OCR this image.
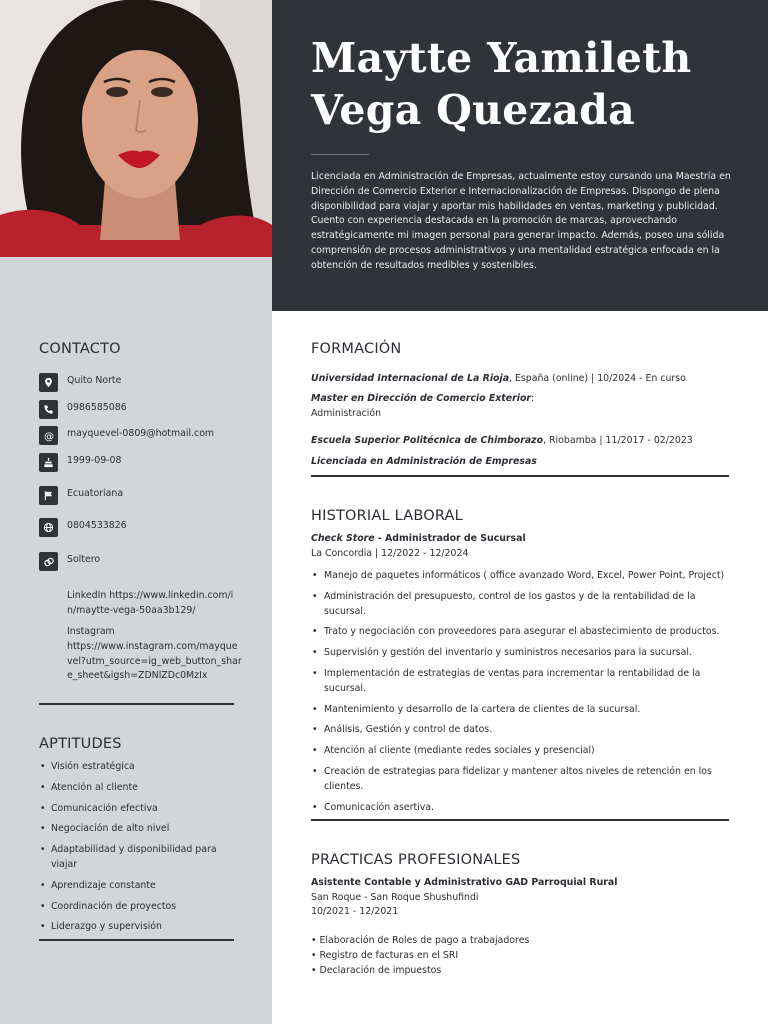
Maytte Yamileth
Vega Quezada

Licenciada en Administración de Empresas, actualmente estoy cursando una Maestría en Dirección de Comercio Exterior e Internacionalización de Empresas. Dispongo de plena disponibilidad para viajar y aportar mis habilidades en ventas, marketing y publicidad. Cuento con experiencia destacada en la promoción de marcas, aprovechando estratégicamente mi imagen personal para generar impacto. Además, poseo una sólida comprensión de procesos administrativos y una mentalidad estratégica enfocada en la obtención de resultados medibles y sostenibles.

CONTACTO
Quito Norte
0986585086
@ mayquevel-0809@hotmail.com
1999-09-08
Ecuatoriana
0804533826
Soltero
LinkedIn https://www.linkedin.com/in/maytte-vega-50aa3b129/
Instagram
https://www.instagram.com/mayquevel?utm_source=ig_web_button_share_sheet&igsh=ZDNlZDc0MzIx
APTITUDES
• Visión estratégica
• Atención al cliente
• Comunicación efectiva
• Negociación de alto nivel
• Adaptabilidad y disponibilidad para viajar
• Aprendizaje constante
• Coordinación de proyectos
• Liderazgo y supervisión
FORMACIÓN
Universidad Internacional de La Rioja, España (online) | 10/2024 - En curso
Master en Dirección de Comercio Exterior:
Administración
Escuela Superior Politécnica de Chimborazo, Riobamba | 11/2017 - 02/2023
Licenciada en Administración de Empresas
HISTORIAL LABORAL
Check Store - Administrador de Sucursal
La Concordia | 12/2022 - 12/2024
• Manejo de paquetes informáticos ( office avanzado Word, Excel, Power Point, Project)
• Administración del presupuesto, control de los gastos y de la rentabilidad de la sucursal.
• Trato y negociación con proveedores para asegurar el abastecimiento de productos.
• Supervisión y gestión del inventario y suministros necesarios para la sucursal.
• Implementación de estrategias de ventas para incrementar la rentabilidad de la sucursal.
• Mantenimiento y desarrollo de la cartera de clientes de la sucursal.
• Análisis, Gestión y control de datos.
• Atención al cliente (mediante redes sociales y presencial)
• Creación de estrategias para fidelizar y mantener altos niveles de retención en los clientes.
• Comunicación asertiva.
PRACTICAS PROFESIONALES
Asistente Contable y Administrativo GAD Parroquial Rural
San Roque - San Roque Shushufindi
10/2021 - 12/2021
• Elaboración de Roles de pago a trabajadores
• Registro de facturas en el SRI
• Declaración de impuestos
